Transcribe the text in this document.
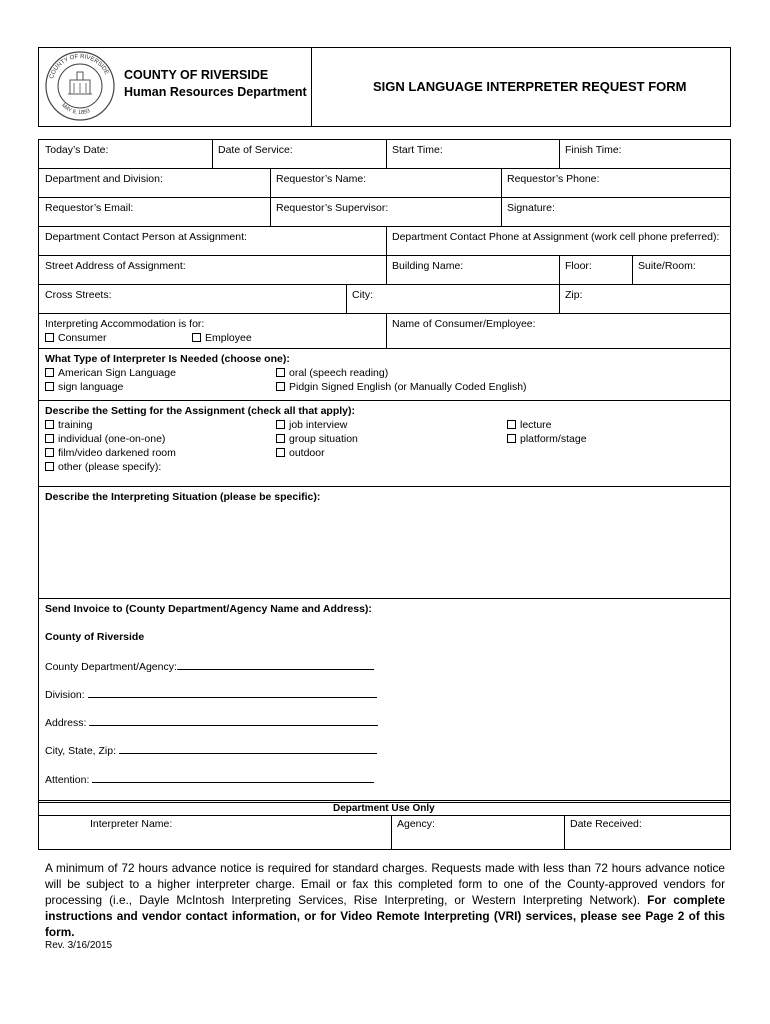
COUNTY OF RIVERSIDE
MAY 9, 1893
COUNTY OF RIVERSIDE
Human Resources Department	SIGN LANGUAGE INTERPRETER REQUEST FORM
Today’s Date:	Date of Service:	Start Time:	Finish Time:
Department and Division:	Requestor’s Name:	Requestor’s Phone:
Requestor’s Email:	Requestor’s Supervisor:	Signature:
Department Contact Person at Assignment:	Department Contact Phone at Assignment (work cell phone preferred):
Street Address of Assignment:	Building Name:	Floor:	Suite/Room:
Cross Streets:	City:	Zip:
Interpreting Accommodation is for:
Consumer	Employee
Name of Consumer/Employee:
What Type of Interpreter Is Needed (choose one):
American Sign Language
sign language
oral (speech reading)
Pidgin Signed English (or Manually Coded English)
Describe the Setting for the Assignment (check all that apply):
training
individual (one-on-one)
film/video darkened room
other (please specify):
job interview
group situation
outdoor
lecture
platform/stage
Describe the Interpreting Situation (please be specific):
Send Invoice to (County Department/Agency Name and Address):
County of Riverside
County Department/Agency:
Division:
Address:
City, State, Zip:
Attention:
Department Use Only
Interpreter Name:	Agency:	Date Received:
A minimum of 72 hours advance notice is required for standard charges. Requests made with less than 72 hours advance notice will be subject to a higher interpreter charge. Email or fax this completed form to one of the County-approved vendors for processing (i.e., Dayle McIntosh Interpreting Services, Rise Interpreting, or Western Interpreting Network). For complete instructions and vendor contact information, or for Video Remote Interpreting (VRI) services, please see Page 2 of this form.
Rev. 3/16/2015
